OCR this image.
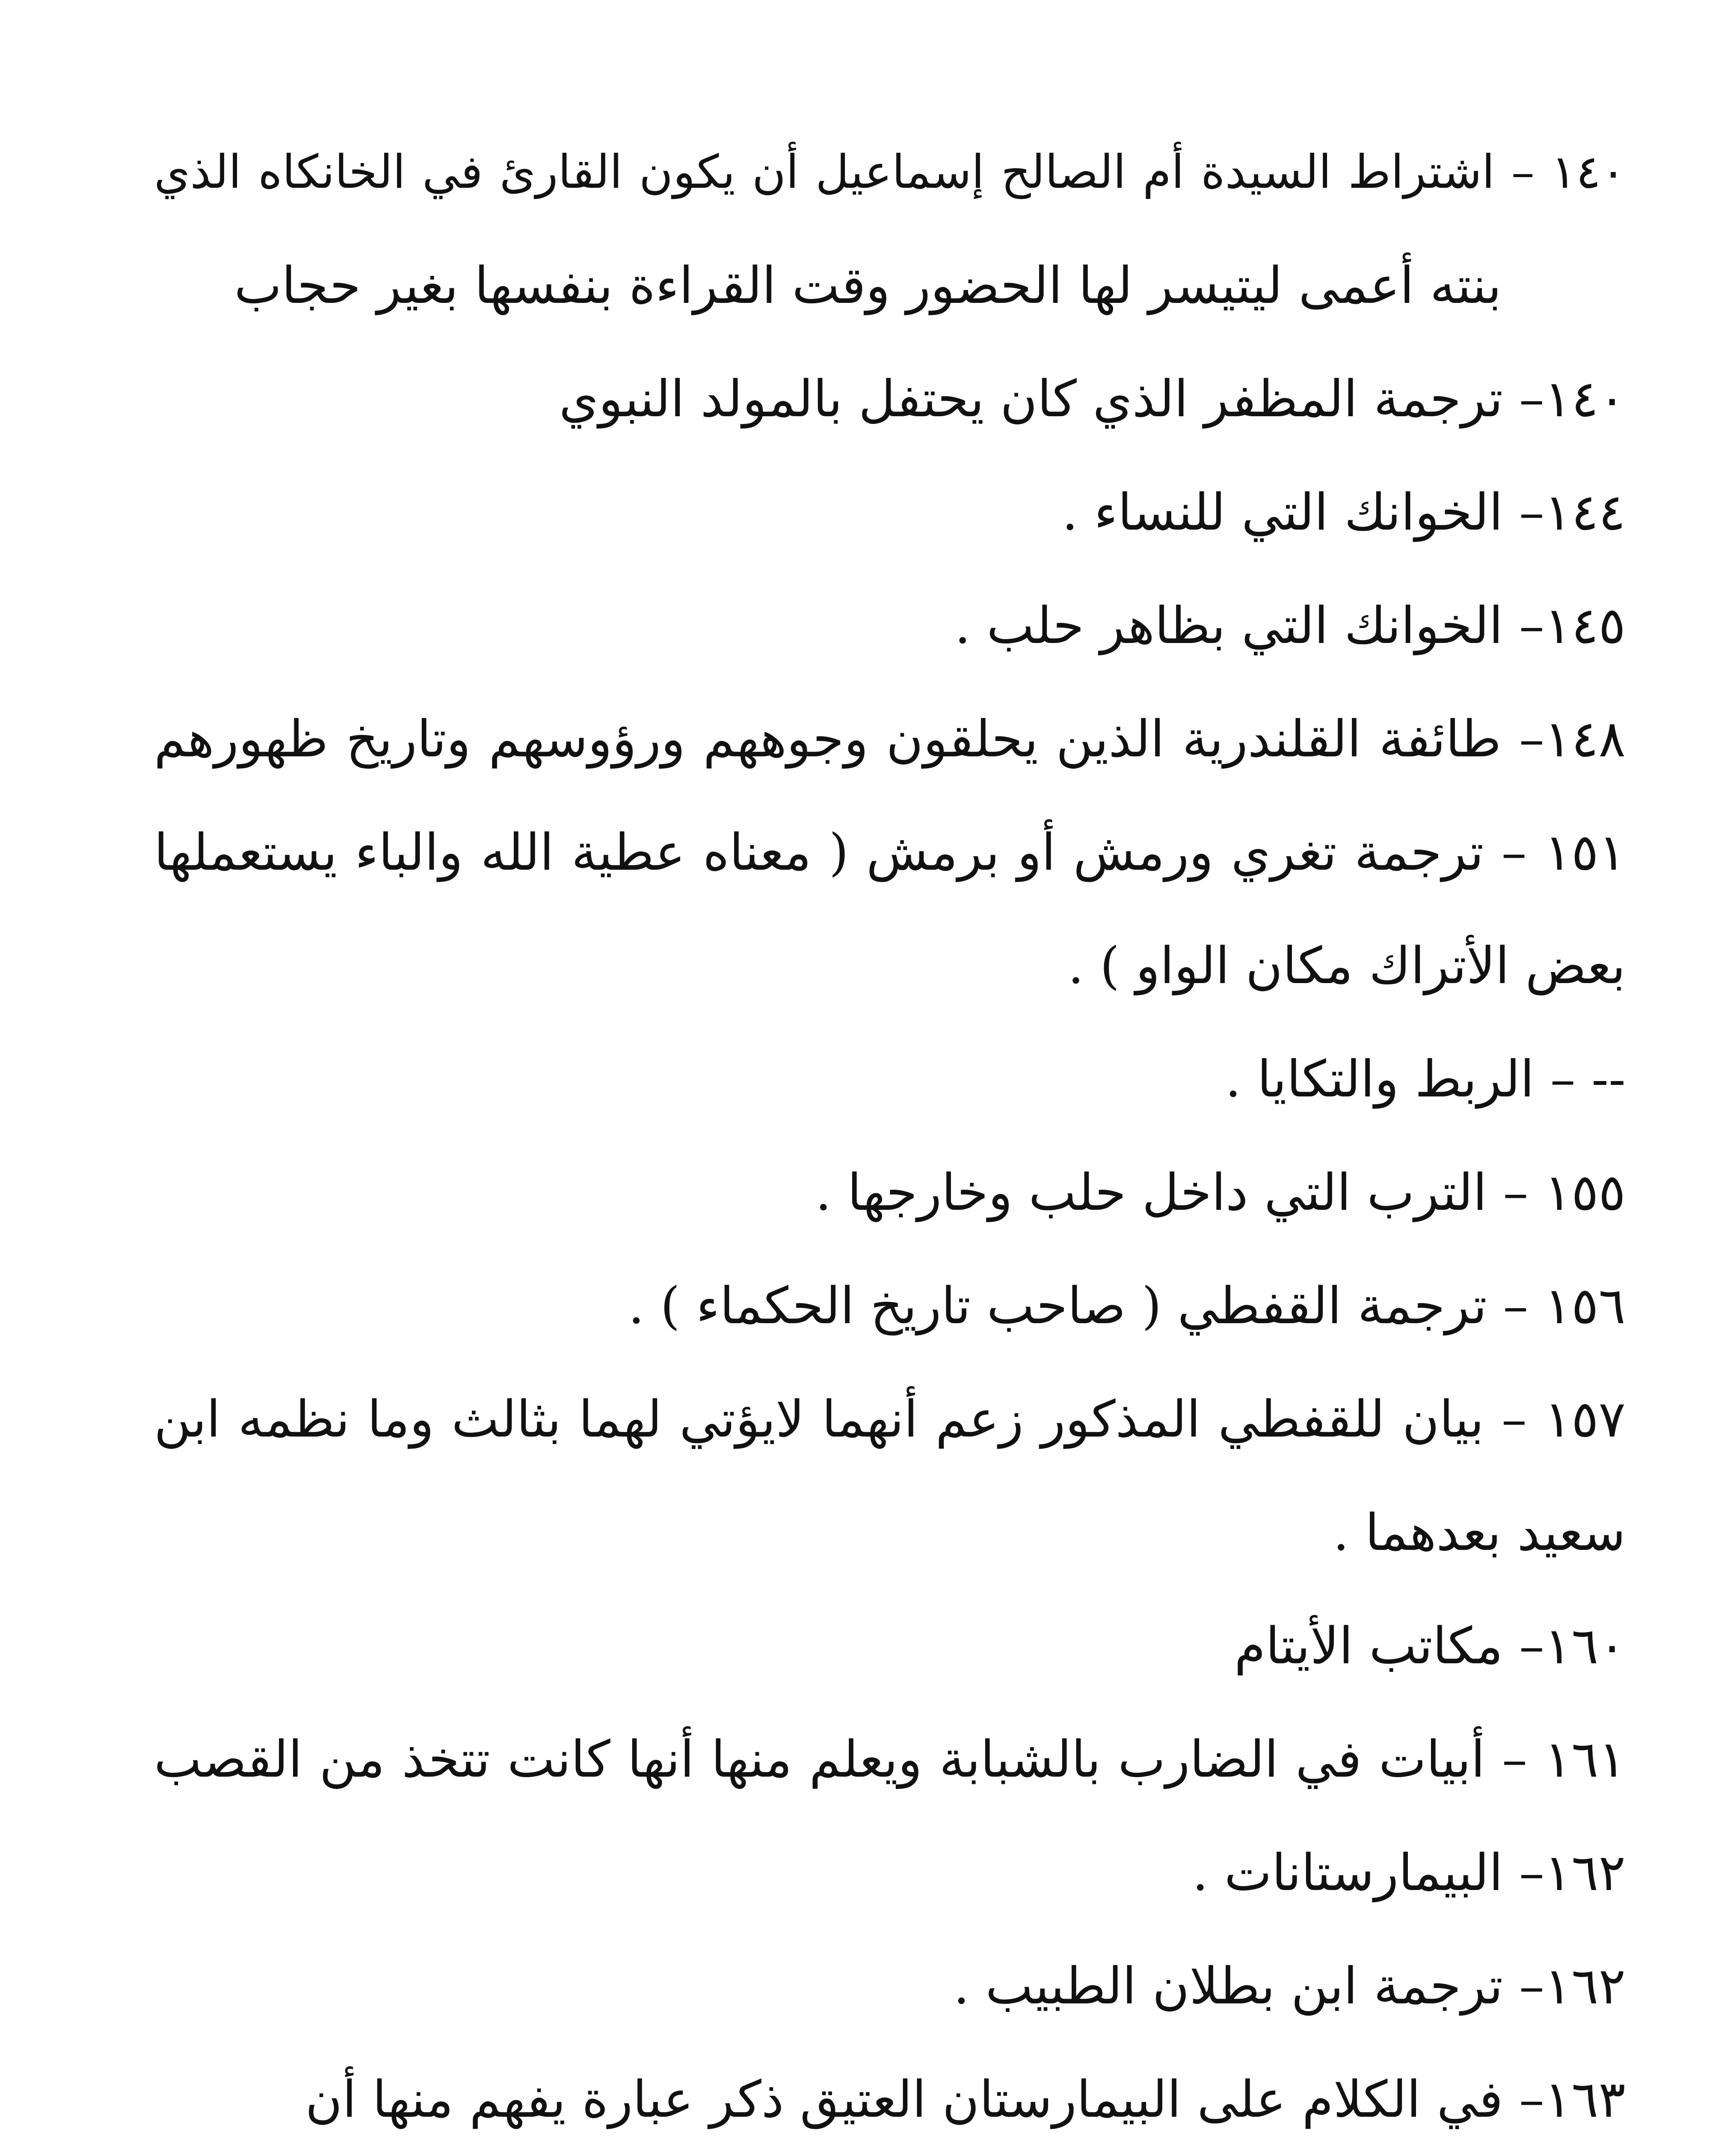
١٤٠ – اشتراط السيدة أم الصالح إسماعيل أن يكون القارئ في الخانكاه الذي
بنته أعمى ليتيسر لها الحضور وقت القراءة بنفسها بغير حجاب
١٤٠– ترجمة المظفر الذي كان يحتفل بالمولد النبوي
١٤٤– الخوانك التي للنساء .
١٤٥– الخوانك التي بظاهر حلب .
١٤٨– طائفة القلندرية الذين يحلقون وجوههم ورؤوسهم وتاريخ ظهورهم
١٥١ – ترجمة تغري ورمش أو برمش ( معناه عطية الله والباء يستعملها
بعض الأتراك مكان الواو ) .
-- – الربط والتكايا .
١٥٥ – الترب التي داخل حلب وخارجها .
١٥٦ – ترجمة القفطي ( صاحب تاريخ الحكماء ) .
١٥٧ – بيان للقفطي المذكور زعم أنهما لايؤتي لهما بثالث وما نظمه ابن
سعيد بعدهما .
١٦٠– مكاتب الأيتام
١٦١ – أبيات في الضارب بالشبابة ويعلم منها أنها كانت تتخذ من القصب
١٦٢– البيمارستانات .
١٦٢– ترجمة ابن بطلان الطبيب .
١٦٣– في الكلام على البيمارستان العتيق ذكر عبارة يفهم منها أن
